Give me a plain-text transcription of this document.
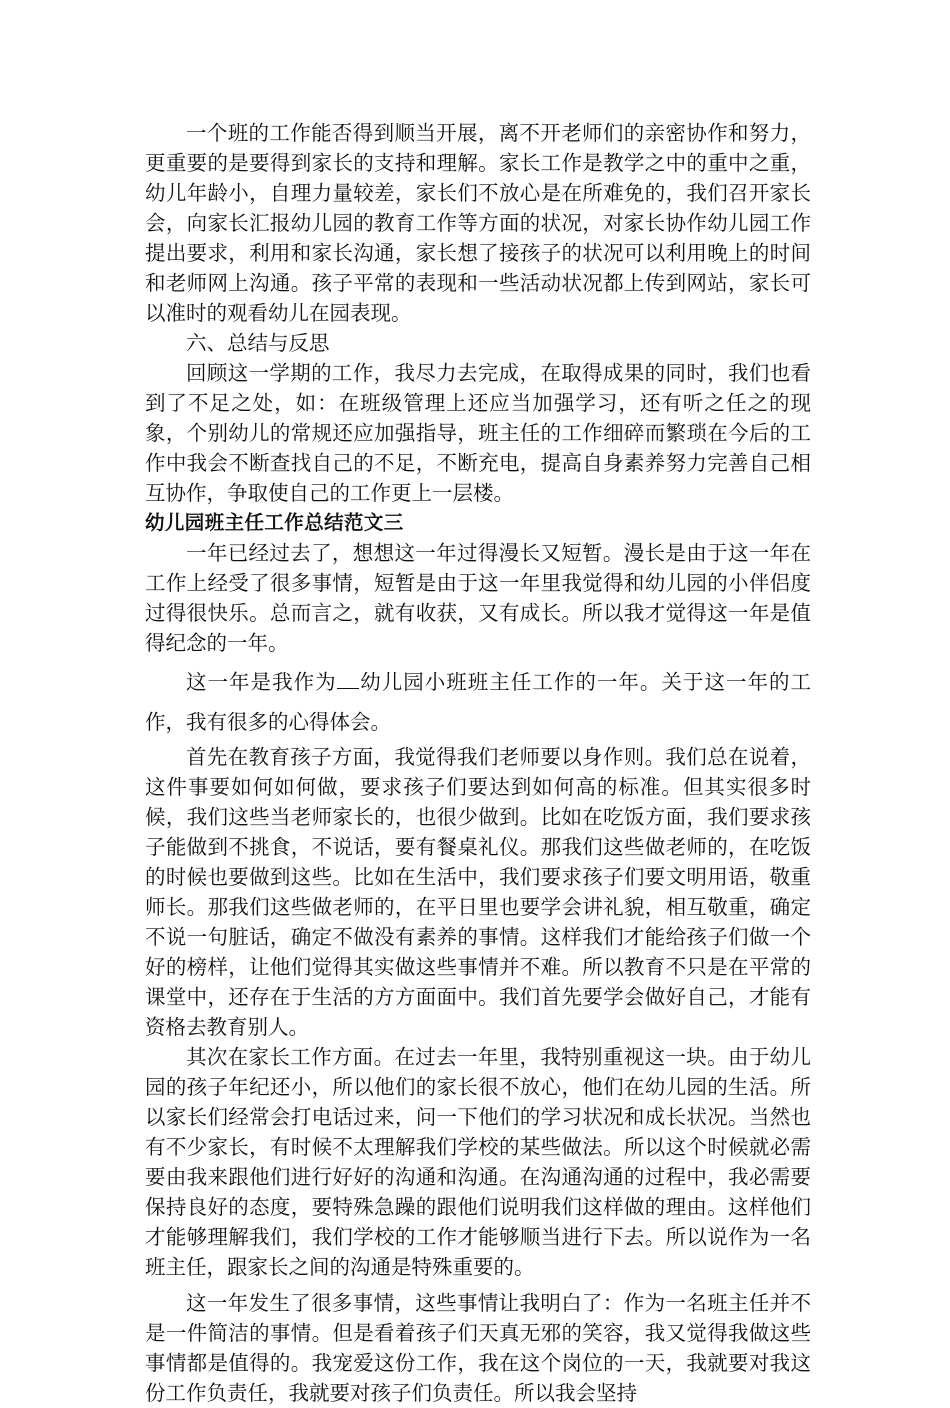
一个班的工作能否得到顺当开展，离不开老师们的亲密协作和努力，更重要的是要得到家长的支持和理解。家长工作是教学之中的重中之重，幼儿年龄小，自理力量较差，家长们不放心是在所难免的，我们召开家长会，向家长汇报幼儿园的教育工作等方面的状况，对家长协作幼儿园工作提出要求，利用和家长沟通，家长想了接孩子的状况可以利用晚上的时间和老师网上沟通。孩子平常的表现和一些活动状况都上传到网站，家长可以准时的观看幼儿在园表现。

六、总结与反思

回顾这一学期的工作，我尽力去完成，在取得成果的同时，我们也看到了不足之处，如：在班级管理上还应当加强学习，还有听之任之的现象，个别幼儿的常规还应加强指导，班主任的工作细碎而繁琐在今后的工作中我会不断查找自己的不足，不断充电，提高自身素养努力完善自己相互协作，争取使自己的工作更上一层楼。

幼儿园班主任工作总结范文三

一年已经过去了，想想这一年过得漫长又短暂。漫长是由于这一年在工作上经受了很多事情，短暂是由于这一年里我觉得和幼儿园的小伴侣度过得很快乐。总而言之，就有收获，又有成长。所以我才觉得这一年是值得纪念的一年。

这一年是我作为 幼儿园小班班主任工作的一年。关于这一年的工作，我有很多的心得体会。

首先在教育孩子方面，我觉得我们老师要以身作则。我们总在说着，这件事要如何如何做，要求孩子们要达到如何高的标准。但其实很多时候，我们这些当老师家长的，也很少做到。比如在吃饭方面，我们要求孩子能做到不挑食，不说话，要有餐桌礼仪。那我们这些做老师的，在吃饭的时候也要做到这些。比如在生活中，我们要求孩子们要文明用语，敬重师长。那我们这些做老师的，在平日里也要学会讲礼貌，相互敬重，确定不说一句脏话，确定不做没有素养的事情。这样我们才能给孩子们做一个好的榜样，让他们觉得其实做这些事情并不难。所以教育不只是在平常的课堂中，还存在于生活的方方面面中。我们首先要学会做好自己，才能有资格去教育别人。

其次在家长工作方面。在过去一年里，我特别重视这一块。由于幼儿园的孩子年纪还小，所以他们的家长很不放心，他们在幼儿园的生活。所以家长们经常会打电话过来，问一下他们的学习状况和成长状况。当然也有不少家长，有时候不太理解我们学校的某些做法。所以这个时候就必需要由我来跟他们进行好好的沟通和沟通。在沟通沟通的过程中，我必需要保持良好的态度，要特殊急躁的跟他们说明我们这样做的理由。这样他们才能够理解我们，我们学校的工作才能够顺当进行下去。所以说作为一名班主任，跟家长之间的沟通是特殊重要的。

这一年发生了很多事情，这些事情让我明白了：作为一名班主任并不是一件简洁的事情。但是看着孩子们天真无邪的笑容，我又觉得我做这些事情都是值得的。我宠爱这份工作，我在这个岗位的一天，我就要对我这份工作负责任，我就要对孩子们负责任。所以我会坚持
